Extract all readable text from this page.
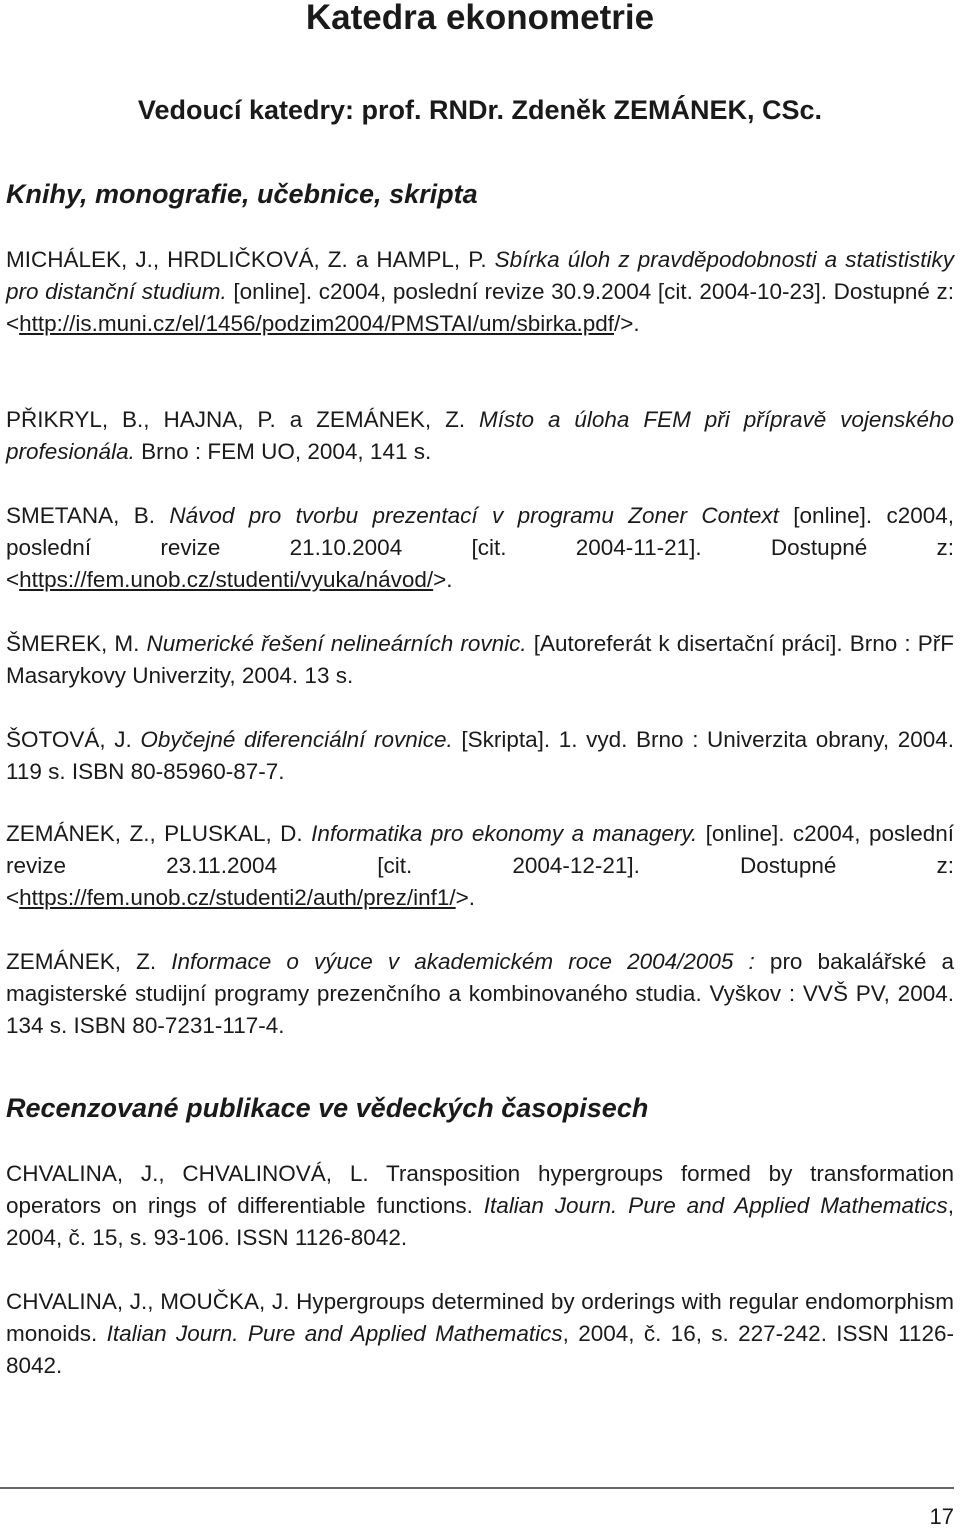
Katedra ekonometrie
Vedoucí katedry: prof. RNDr. Zdeněk ZEMÁNEK, CSc.
Knihy, monografie, učebnice, skripta
MICHÁLEK, J., HRDLIČKOVÁ, Z. a HAMPL, P. Sbírka úloh z pravděpodobnosti a statististiky pro distanční studium. [online]. c2004, poslední revize 30.9.2004 [cit. 2004-10-23]. Dostupné z: <http://is.muni.cz/el/1456/podzim2004/PMSTAI/um/sbirka.pdf/>.
PŘIKRYL, B., HAJNA, P. a ZEMÁNEK, Z. Místo a úloha FEM při přípravě vojenského profesionála. Brno : FEM UO, 2004, 141 s.
SMETANA, B. Návod pro tvorbu prezentací v programu Zoner Context [online]. c2004, poslední revize 21.10.2004 [cit. 2004-11-21]. Dostupné z: <https://fem.unob.cz/studenti/vyuka/návod/>.
ŠMEREK, M. Numerické řešení nelineárních rovnic. [Autoreferát k disertační práci]. Brno : PřF Masarykovy Univerzity, 2004. 13 s.
ŠOTOVÁ, J. Obyčejné diferenciální rovnice. [Skripta]. 1. vyd. Brno : Univerzita obrany, 2004. 119 s. ISBN 80-85960-87-7.
ZEMÁNEK, Z., PLUSKAL, D. Informatika pro ekonomy a managery. [online]. c2004, poslední revize 23.11.2004 [cit. 2004-12-21]. Dostupné z: <https://fem.unob.cz/studenti2/auth/prez/inf1/>.
ZEMÁNEK, Z. Informace o výuce v akademickém roce 2004/2005 : pro bakalářské a magisterské studijní programy prezenčního a kombinovaného studia. Vyškov : VVŠ PV, 2004. 134 s. ISBN 80-7231-117-4.
Recenzované publikace ve vědeckých časopisech
CHVALINA, J., CHVALINOVÁ, L. Transposition hypergroups formed by transformation operators on rings of differentiable functions. Italian Journ. Pure and Applied Mathematics, 2004, č. 15, s. 93-106. ISSN 1126-8042.
CHVALINA, J., MOUČKA, J. Hypergroups determined by orderings with regular endomorphism monoids. Italian Journ. Pure and Applied Mathematics, 2004, č. 16, s. 227-242. ISSN 1126-8042.
17
